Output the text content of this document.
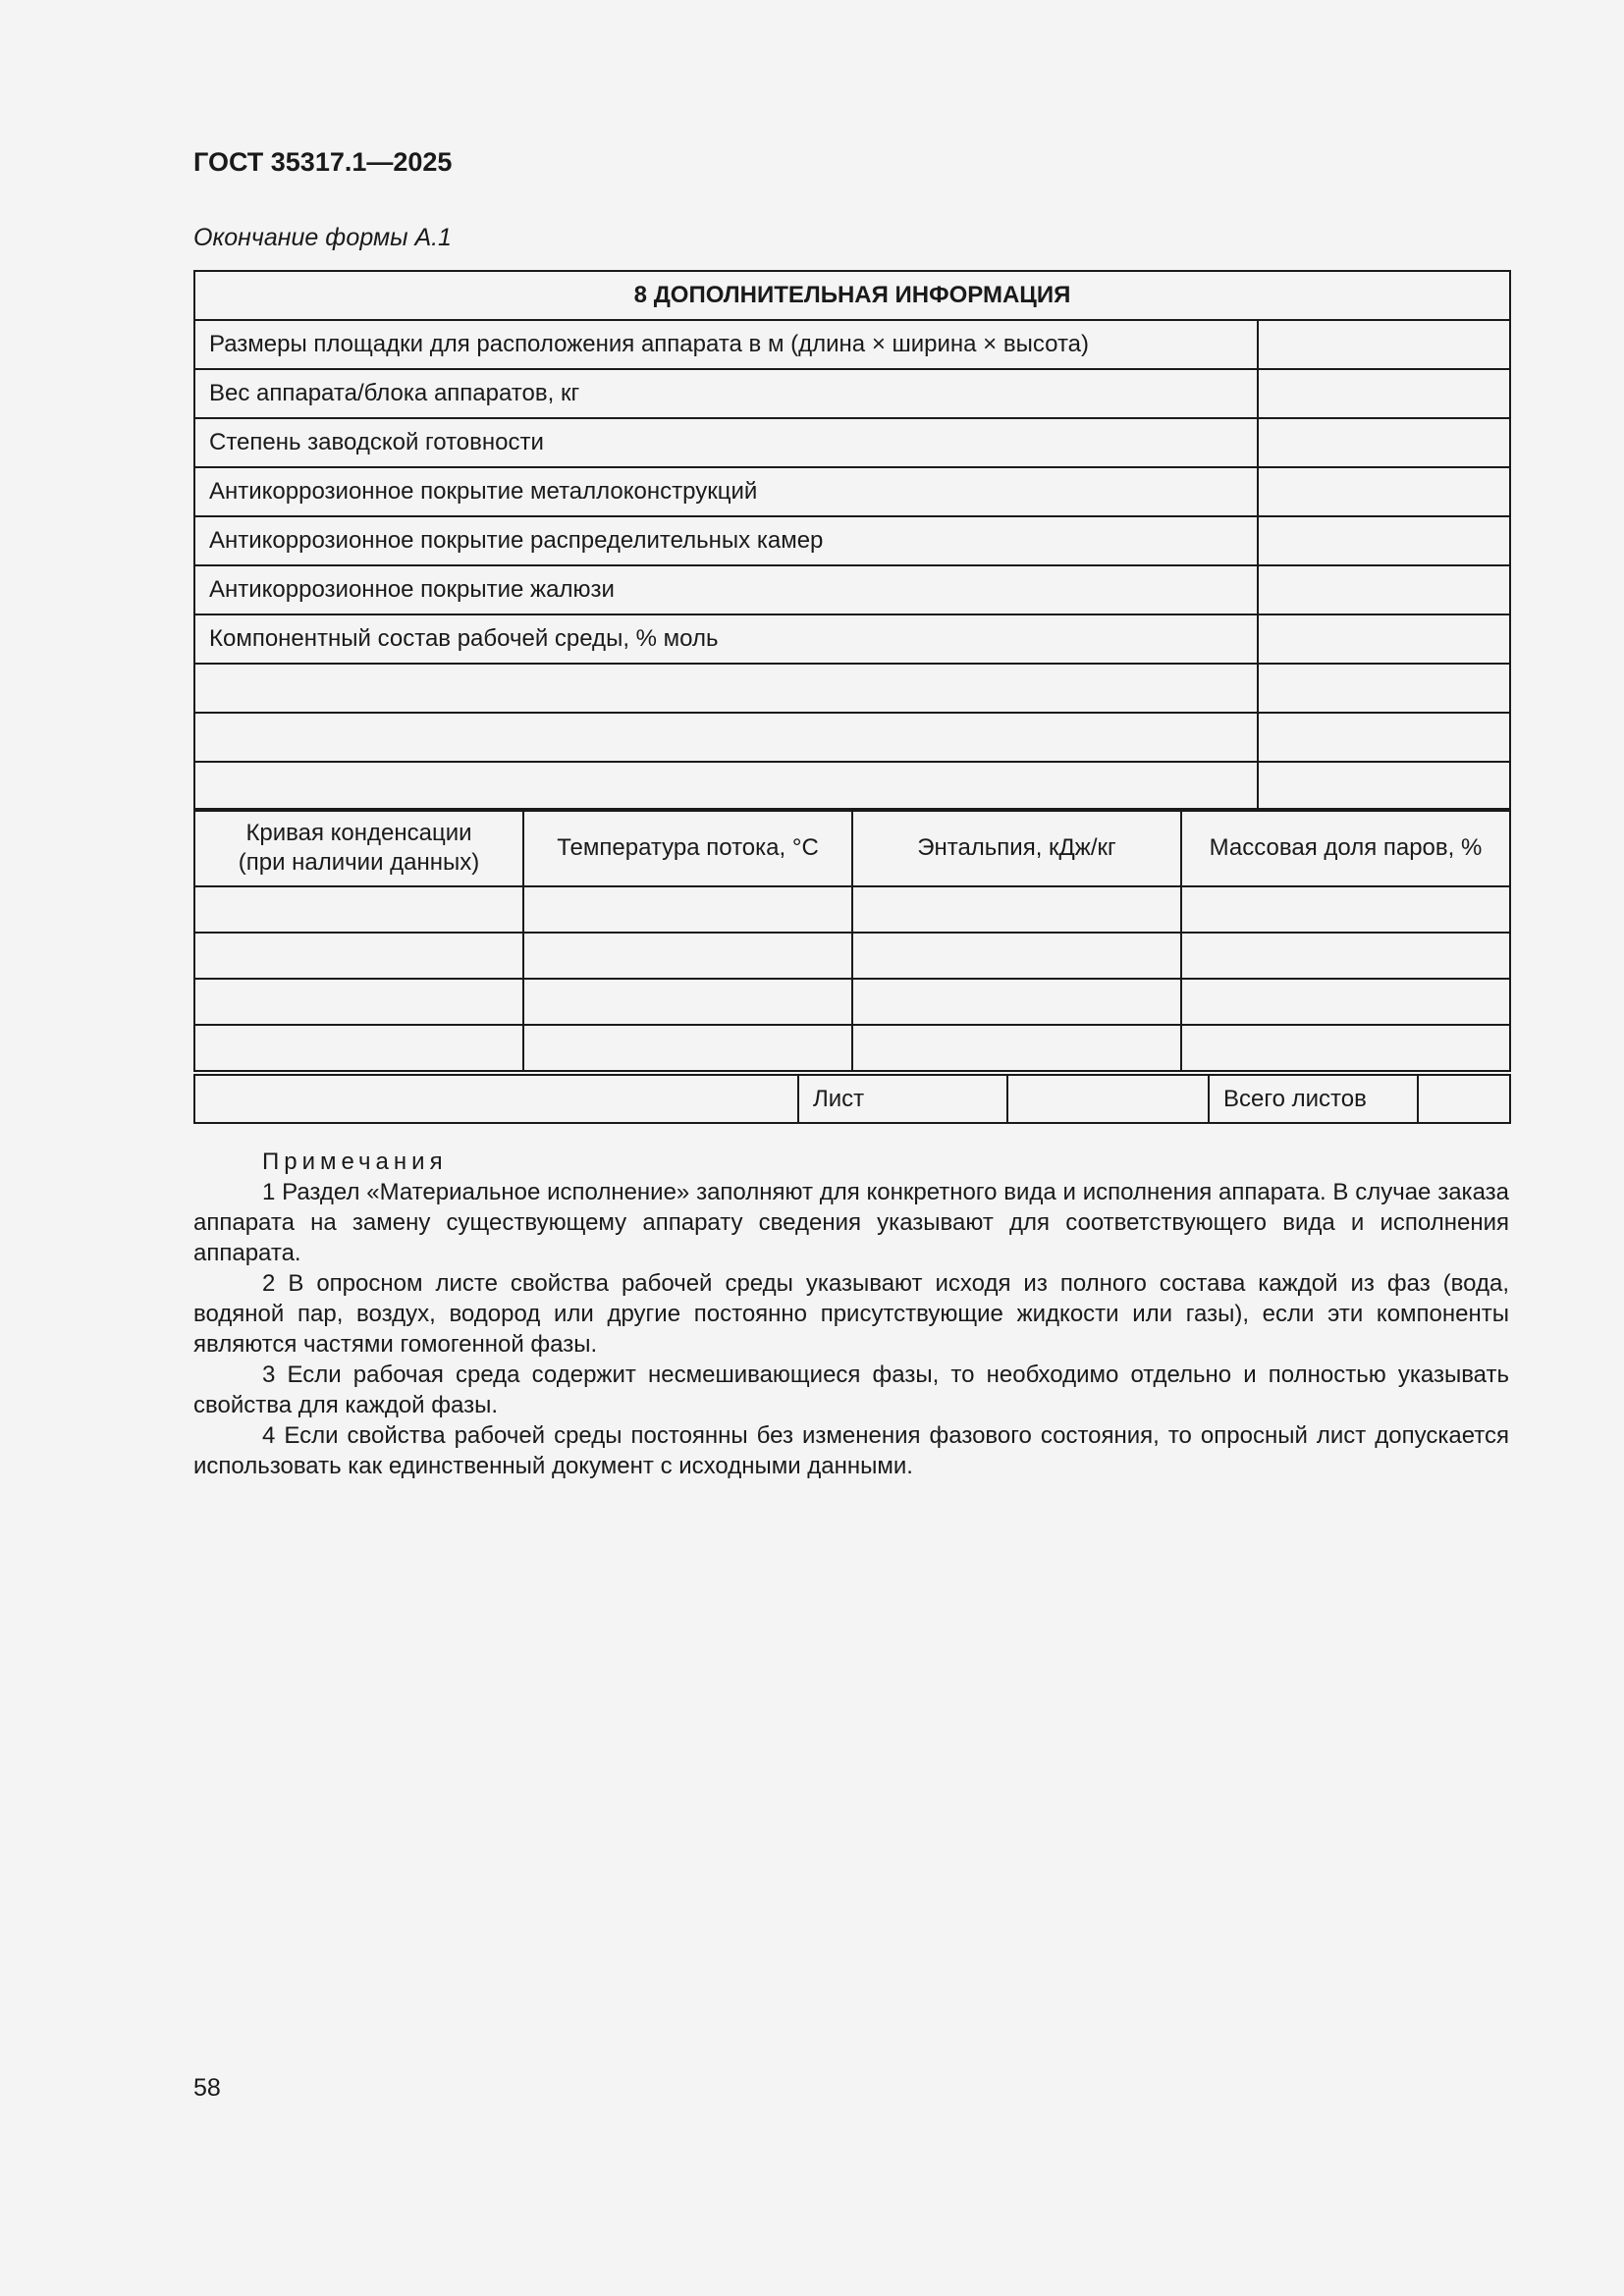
ГОСТ 35317.1—2025

Окончание формы А.1

8 ДОПОЛНИТЕЛЬНАЯ ИНФОРМАЦИЯ	
Размеры площадки для расположения аппарата в м (длина × ширина × высота)	
Вес аппарата/блока аппаратов, кг	
Степень заводской готовности	
Антикоррозионное покрытие металлоконструкций	
Антикоррозионное покрытие распределительных камер	
Антикоррозионное покрытие жалюзи	
Компонентный состав рабочей среды, % моль	

Кривая конденсации
(при наличии данных)	Температура потока, °С	Энтальпия, кДж/кг	Массовая доля паров, %

	Лист		Всего листов	
Примечания

1 Раздел «Материальное исполнение» заполняют для конкретного вида и исполнения аппарата. В случае заказа аппарата на замену существующему аппарату сведения указывают для соответствующего вида и исполнения аппарата.

2 В опросном листе свойства рабочей среды указывают исходя из полного состава каждой из фаз (вода, водяной пар, воздух, водород или другие постоянно присутствующие жидкости или газы), если эти компоненты являются частями гомогенной фазы.

3 Если рабочая среда содержит несмешивающиеся фазы, то необходимо отдельно и полностью указывать свойства для каждой фазы.

4 Если свойства рабочей среды постоянны без изменения фазового состояния, то опросный лист допускается использовать как единственный документ с исходными данными.

58
